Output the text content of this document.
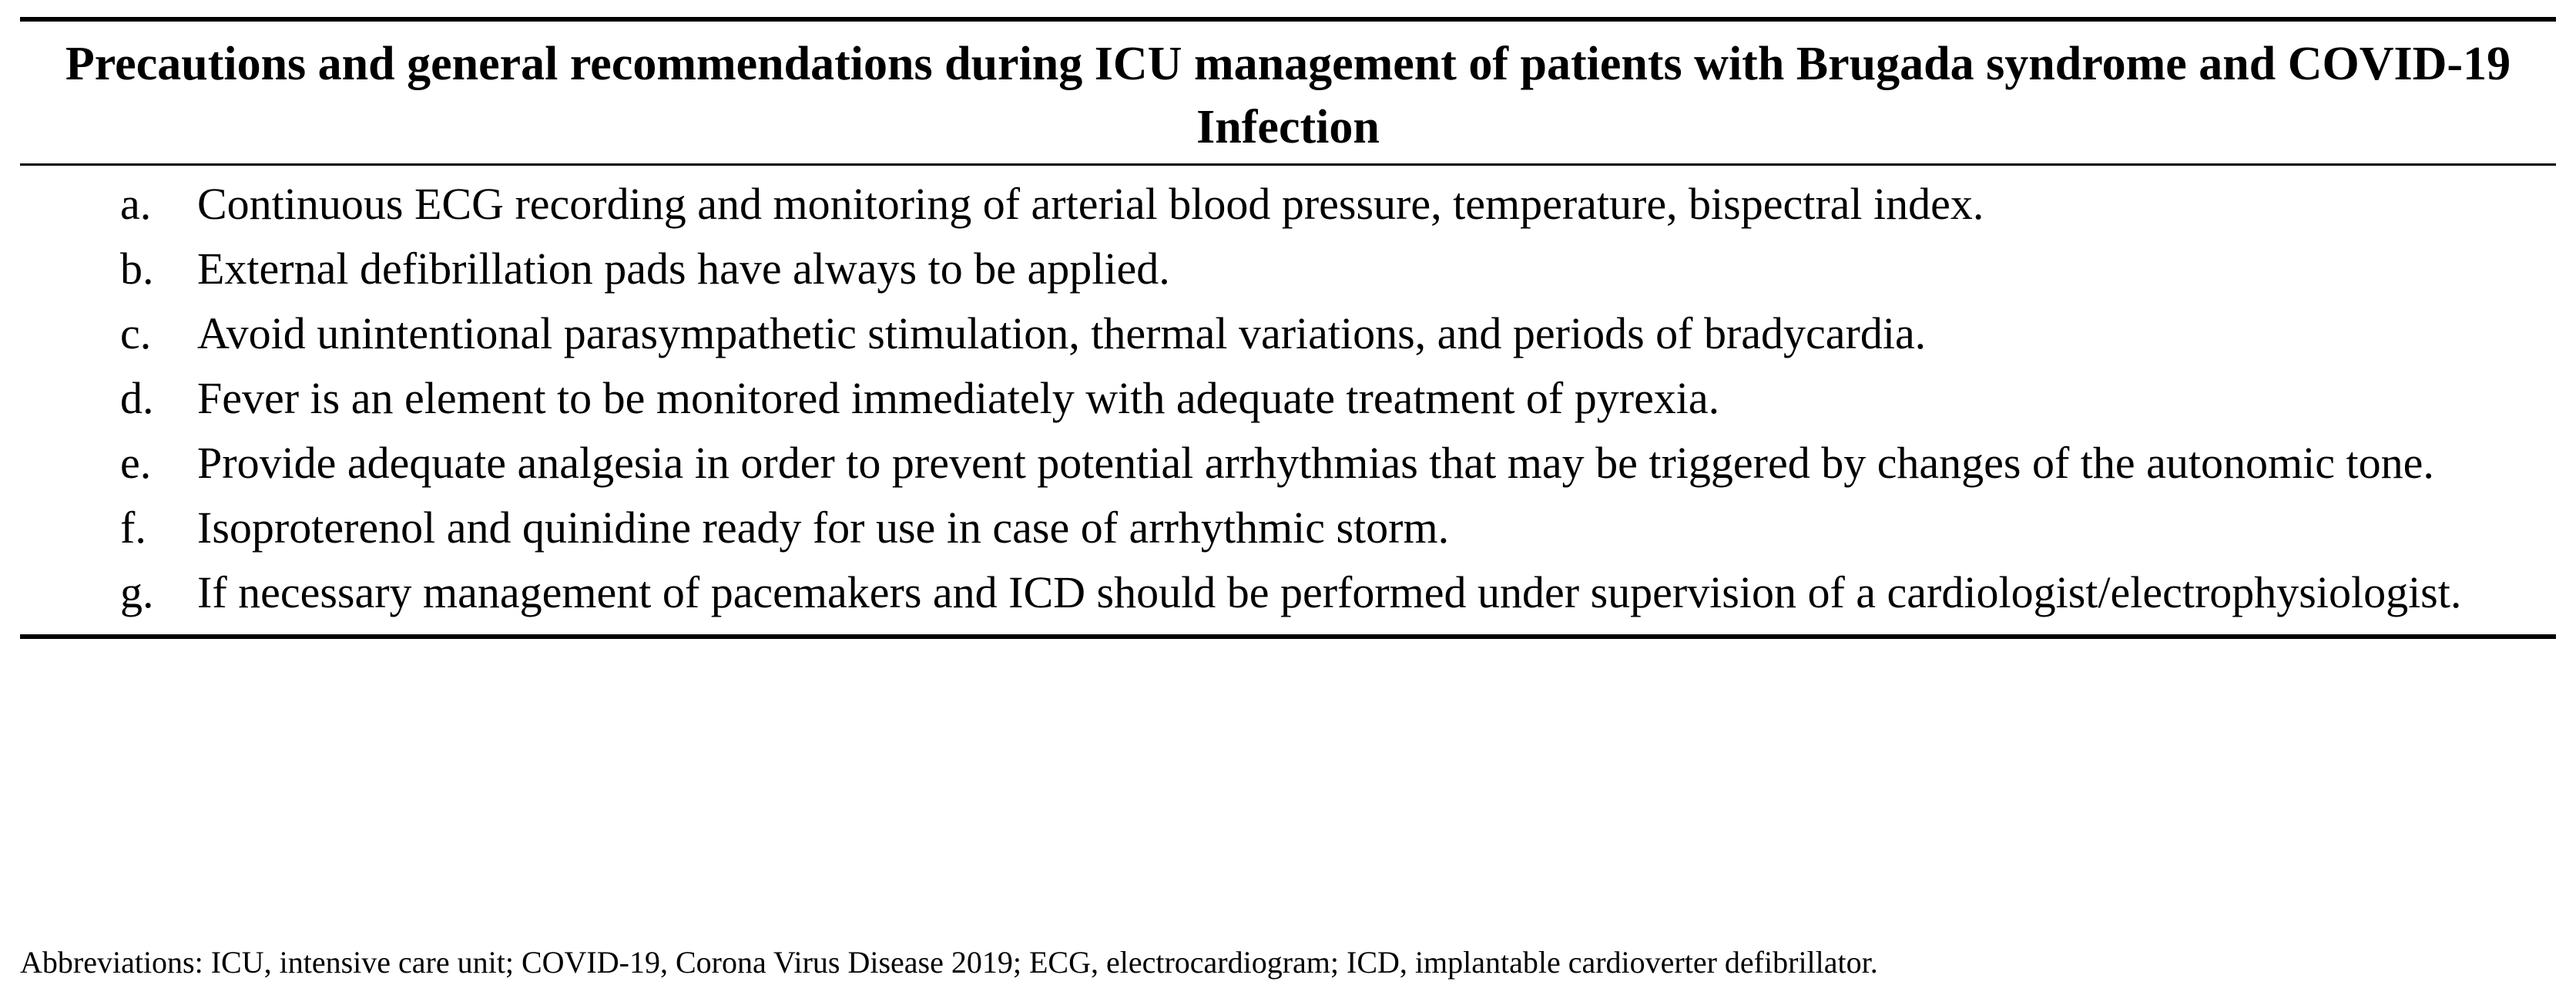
Precautions and general recommendations during ICU management of patients with Brugada syndrome and COVID-19 Infection
a.	Continuous ECG recording and monitoring of arterial blood pressure, temperature, bispectral index.
b. External defibrillation pads have always to be applied.
c.	Avoid unintentional parasympathetic stimulation, thermal variations, and periods of bradycardia.
d. Fever is an element to be monitored immediately with adequate treatment of pyrexia.
e.	Provide adequate analgesia in order to prevent potential arrhythmias that may be triggered by changes of the autonomic tone.
f.	Isoproterenol and quinidine ready for use in case of arrhythmic storm.
g. If necessary management of pacemakers and ICD should be performed under supervision of a cardiologist/electrophysiologist.
Abbreviations: ICU, intensive care unit; COVID-19, Corona Virus Disease 2019; ECG, electrocardiogram; ICD, implantable cardioverter defibrillator.
